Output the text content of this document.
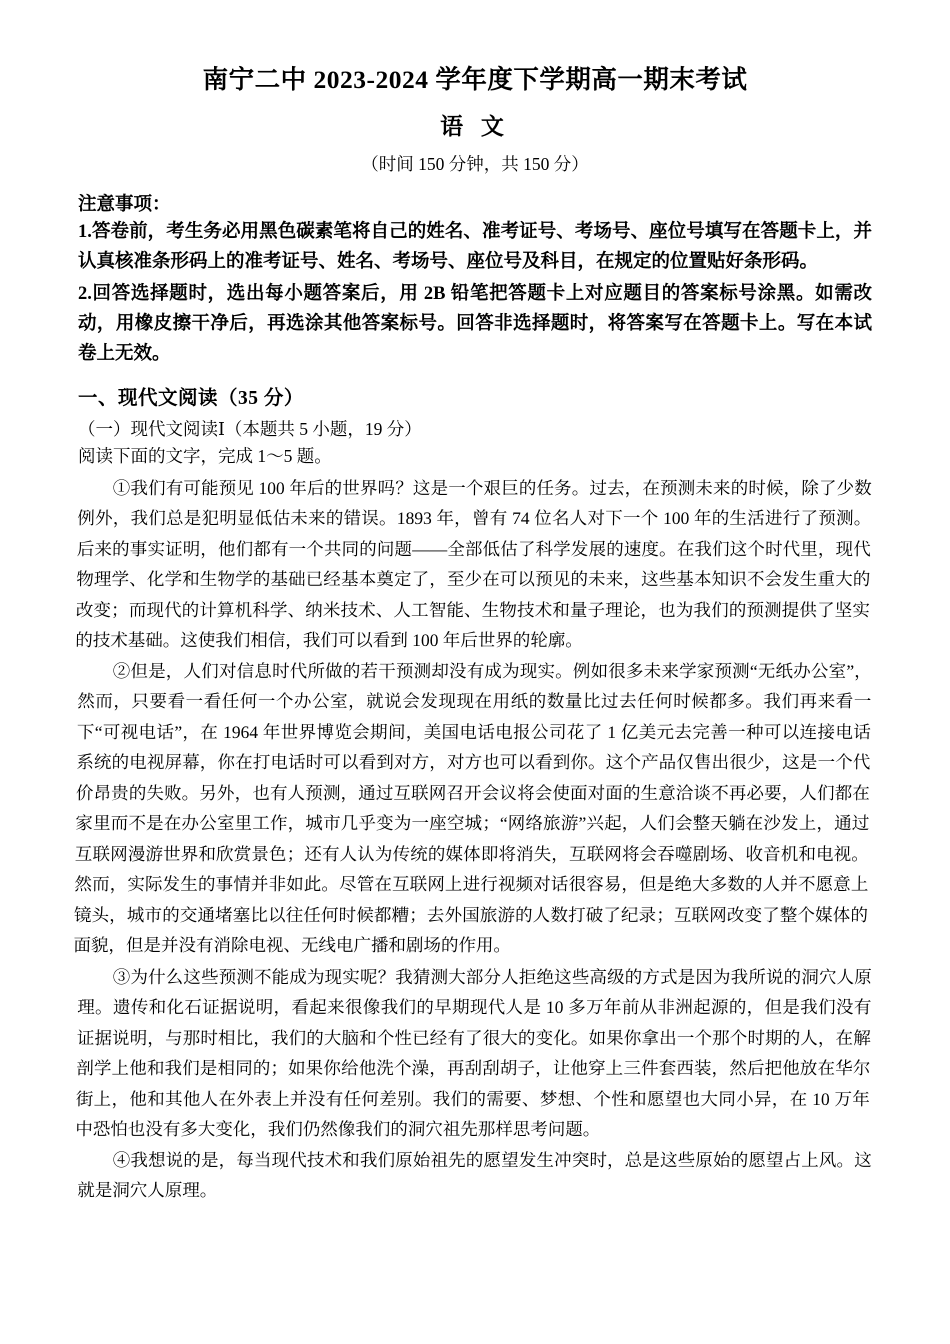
南宁二中 2023-2024 学年度下学期高一期末考试
语 文
（时间 150 分钟，共 150 分）
注意事项：

1.答卷前，考生务必用黑色碳素笔将自己的姓名、准考证号、考场号、座位号填写在答题卡上，并认真核准条形码上的准考证号、姓名、考场号、座位号及科目，在规定的位置贴好条形码。

2.回答选择题时，选出每小题答案后，用 2B 铅笔把答题卡上对应题目的答案标号涂黑。如需改动，用橡皮擦干净后，再选涂其他答案标号。回答非选择题时，将答案写在答题卡上。写在本试卷上无效。

一、现代文阅读（35 分）
（一）现代文阅读Ⅰ（本题共 5 小题，19 分）
阅读下面的文字，完成 1～5 题。

①我们有可能预见 100 年后的世界吗？这是一个艰巨的任务。过去，在预测未来的时候，除了少数例外，我们总是犯明显低估未来的错误。1893 年，曾有 74 位名人对下一个 100 年的生活进行了预测。后来的事实证明，他们都有一个共同的问题——全部低估了科学发展的速度。在我们这个时代里，现代物理学、化学和生物学的基础已经基本奠定了，至少在可以预见的未来，这些基本知识不会发生重大的改变；而现代的计算机科学、纳米技术、人工智能、生物技术和量子理论，也为我们的预测提供了坚实的技术基础。这使我们相信，我们可以看到 100 年后世界的轮廓。

②但是，人们对信息时代所做的若干预测却没有成为现实。例如很多未来学家预测“无纸办公室”，然而，只要看一看任何一个办公室，就说会发现现在用纸的数量比过去任何时候都多。我们再来看一下“可视电话”，在 1964 年世界博览会期间，美国电话电报公司花了 1 亿美元去完善一种可以连接电话系统的电视屏幕，你在打电话时可以看到对方，对方也可以看到你。这个产品仅售出很少，这是一个代价昂贵的失败。另外，也有人预测，通过互联网召开会议将会使面对面的生意洽谈不再必要，人们都在家里而不是在办公室里工作，城市几乎变为一座空城；“网络旅游”兴起，人们会整天躺在沙发上，通过互联网漫游世界和欣赏景色；还有人认为传统的媒体即将消失，互联网将会吞噬剧场、收音机和电视。然而，实际发生的事情并非如此。尽管在互联网上进行视频对话很容易，但是绝大多数的人并不愿意上镜头，城市的交通堵塞比以往任何时候都糟；去外国旅游的人数打破了纪录；互联网改变了整个媒体的面貌，但是并没有消除电视、无线电广播和剧场的作用。

③为什么这些预测不能成为现实呢？我猜测大部分人拒绝这些高级的方式是因为我所说的洞穴人原理。遗传和化石证据说明，看起来很像我们的早期现代人是 10 多万年前从非洲起源的，但是我们没有证据说明，与那时相比，我们的大脑和个性已经有了很大的变化。如果你拿出一个那个时期的人，在解剖学上他和我们是相同的；如果你给他洗个澡，再刮刮胡子，让他穿上三件套西装，然后把他放在华尔街上，他和其他人在外表上并没有任何差别。我们的需要、梦想、个性和愿望也大同小异，在 10 万年中恐怕也没有多大变化，我们仍然像我们的洞穴祖先那样思考问题。

④我想说的是，每当现代技术和我们原始祖先的愿望发生冲突时，总是这些原始的愿望占上风。这就是洞穴人原理。
